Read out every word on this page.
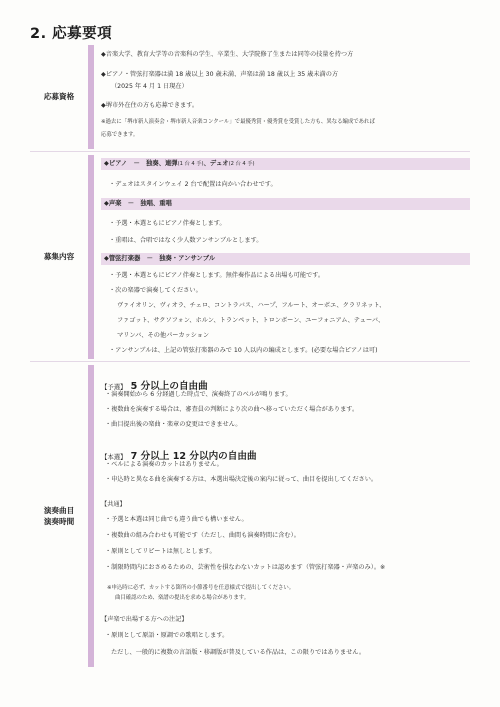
2. 応募要項
応募資格
◆音楽大学、教育大学等の音楽科の学生、卒業生、大学院修了生または同等の技量を持つ方
◆ピアノ・管弦打楽器は満 18 歳以上 30 歳未満、声楽は満 18 歳以上 35 歳未満の方
（2025 年 4 月 1 日現在）
◆堺市外在住の方も応募できます。
※過去に「堺市新人演奏会・堺市新人音楽コンクール」で最優秀賞・優秀賞を受賞した方も、異なる編成であれば
応募できます。
募集内容
◆ピアノ　－　独奏、連弾(1 台 4 手)、デュオ(2 台 4 手)
・デュオはスタインウェイ 2 台で配置は向かい合わせです。
◆声楽　－　独唱、重唱
・予選・本選ともにピアノ伴奏とします。
・重唱は、合唱ではなく少人数アンサンブルとします。
◆管弦打楽器　－　独奏・アンサンブル
・予選・本選ともにピアノ伴奏とします。無伴奏作品による出場も可能です。
・次の楽器で演奏してください。
ヴァイオリン、ヴィオラ、チェロ、コントラバス、ハープ、フルート、オーボエ、クラリネット、
ファゴット、サクソフォン、ホルン、トランペット、トロンボーン、ユーフォニアム、テューバ、
マリンバ、その他パーカッション
・アンサンブルは、上記の管弦打楽器のみで 10 人以内の編成とします。(必要な場合ピアノは可)
演奏曲目
演奏時間
【予選】 5 分以上の自由曲
・演奏開始から 6 分経過した時点で、演奏終了のベルが鳴ります。
・複数曲を演奏する場合は、審査員の判断により次の曲へ移っていただく場合があります。
・曲目提出後の楽曲・楽章の変更はできません。
【本選】 7 分以上 12 分以内の自由曲
・ベルによる演奏のカットはありません。
・申込時と異なる曲を演奏する方は、本選出場決定後の案内に従って、曲目を提出してください。
【共通】
・予選と本選は同じ曲でも違う曲でも構いません。
・複数曲の組み合わせも可能です（ただし、曲間も演奏時間に含む）。
・原則としてリピートは無しとします。
・制限時間内におさめるための、芸術性を損なわないカットは認めます（管弦打楽器・声楽のみ）。※
※申込時に必ず、カットする箇所の小節番号を任意様式で提出してください。
曲目確認のため、楽譜の提出を求める場合があります。
【声楽で出場する方への注記】
・原則として原語・原調での歌唱とします。
ただし、一般的に複数の言語版・移調版が普及している作品は、この限りではありません。
